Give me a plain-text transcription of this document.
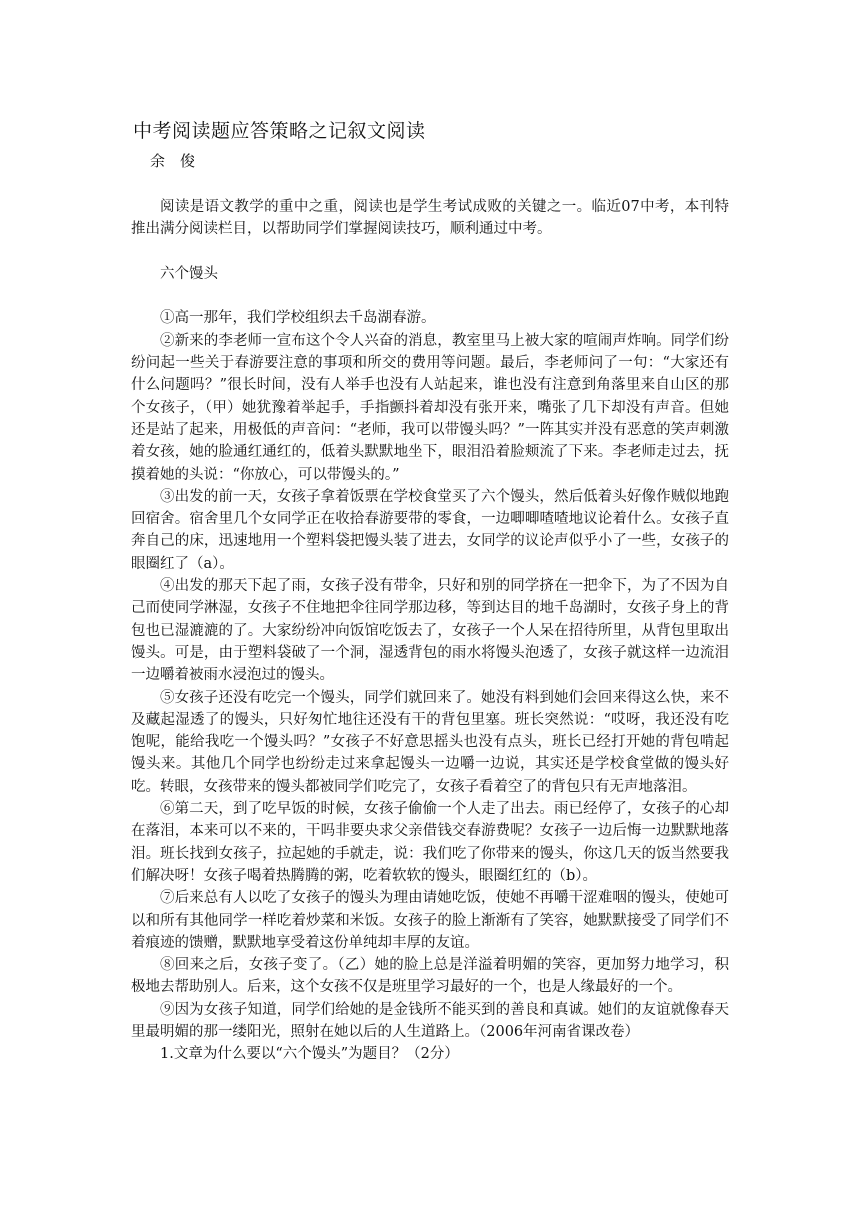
中考阅读题应答策略之记叙文阅读
余　俊

阅读是语文教学的重中之重，阅读也是学生考试成败的关键之一。临近07中考，本刊特推出满分阅读栏目，以帮助同学们掌握阅读技巧，顺利通过中考。

六个馒头

①高一那年，我们学校组织去千岛湖春游。

②新来的李老师一宣布这个令人兴奋的消息，教室里马上被大家的喧闹声炸响。同学们纷纷问起一些关于春游要注意的事项和所交的费用等问题。最后，李老师问了一句：“大家还有什么问题吗？”很长时间，没有人举手也没有人站起来，谁也没有注意到角落里来自山区的那个女孩子，（甲）她犹豫着举起手，手指颤抖着却没有张开来，嘴张了几下却没有声音。但她还是站了起来，用极低的声音问：“老师，我可以带馒头吗？”一阵其实并没有恶意的笑声刺激着女孩，她的脸通红通红的，低着头默默地坐下，眼泪沿着脸颊流了下来。李老师走过去，抚摸着她的头说：“你放心，可以带馒头的。”

③出发的前一天，女孩子拿着饭票在学校食堂买了六个馒头，然后低着头好像作贼似地跑回宿舍。宿舍里几个女同学正在收拾春游要带的零食，一边唧唧喳喳地议论着什么。女孩子直奔自己的床，迅速地用一个塑料袋把馒头装了进去，女同学的议论声似乎小了一些，女孩子的眼圈红了（a）。

④出发的那天下起了雨，女孩子没有带伞，只好和别的同学挤在一把伞下，为了不因为自己而使同学淋湿，女孩子不住地把伞往同学那边移，等到达目的地千岛湖时，女孩子身上的背包也已湿漉漉的了。大家纷纷冲向饭馆吃饭去了，女孩子一个人呆在招待所里，从背包里取出馒头。可是，由于塑料袋破了一个洞，湿透背包的雨水将馒头泡透了，女孩子就这样一边流泪一边嚼着被雨水浸泡过的馒头。

⑤女孩子还没有吃完一个馒头，同学们就回来了。她没有料到她们会回来得这么快，来不及藏起湿透了的馒头，只好匆忙地往还没有干的背包里塞。班长突然说：“哎呀，我还没有吃饱呢，能给我吃一个馒头吗？”女孩子不好意思摇头也没有点头，班长已经打开她的背包啃起馒头来。其他几个同学也纷纷走过来拿起馒头一边嚼一边说，其实还是学校食堂做的馒头好吃。转眼，女孩带来的馒头都被同学们吃完了，女孩子看着空了的背包只有无声地落泪。

⑥第二天，到了吃早饭的时候，女孩子偷偷一个人走了出去。雨已经停了，女孩子的心却在落泪，本来可以不来的，干吗非要央求父亲借钱交春游费呢？女孩子一边后悔一边默默地落泪。班长找到女孩子，拉起她的手就走，说：我们吃了你带来的馒头，你这几天的饭当然要我们解决呀！女孩子喝着热腾腾的粥，吃着软软的馒头，眼圈红红的（b）。

⑦后来总有人以吃了女孩子的馒头为理由请她吃饭，使她不再嚼干涩难咽的馒头，使她可以和所有其他同学一样吃着炒菜和米饭。女孩子的脸上渐渐有了笑容，她默默接受了同学们不着痕迹的馈赠，默默地享受着这份单纯却丰厚的友谊。

⑧回来之后，女孩子变了。（乙）她的脸上总是洋溢着明媚的笑容，更加努力地学习，积极地去帮助别人。后来，这个女孩不仅是班里学习最好的一个，也是人缘最好的一个。

⑨因为女孩子知道，同学们给她的是金钱所不能买到的善良和真诚。她们的友谊就像春天里最明媚的那一缕阳光，照射在她以后的人生道路上。（2006年河南省课改卷）

1.文章为什么要以“六个馒头”为题目？（2分）
